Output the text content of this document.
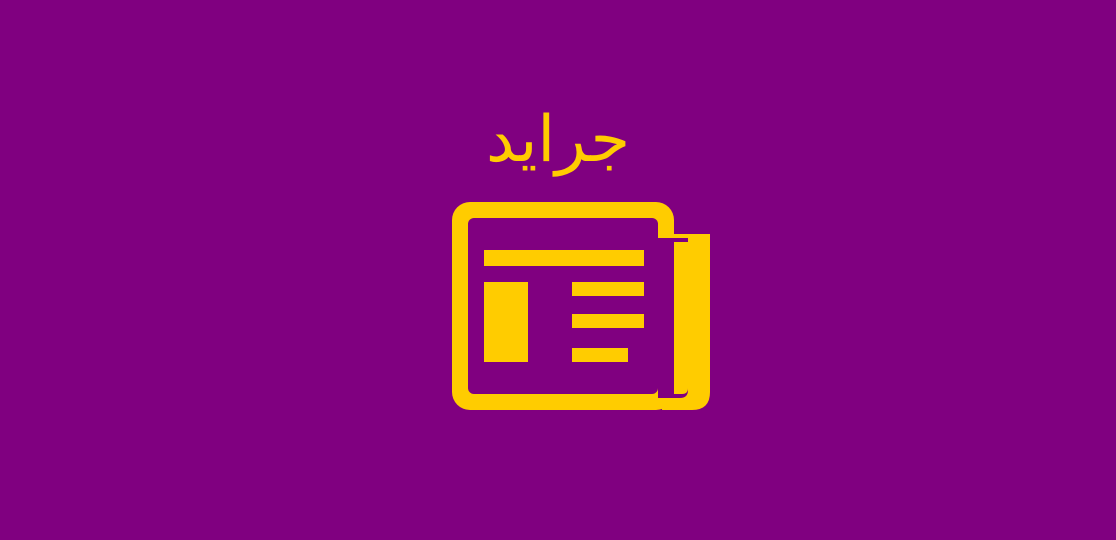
جرايد
